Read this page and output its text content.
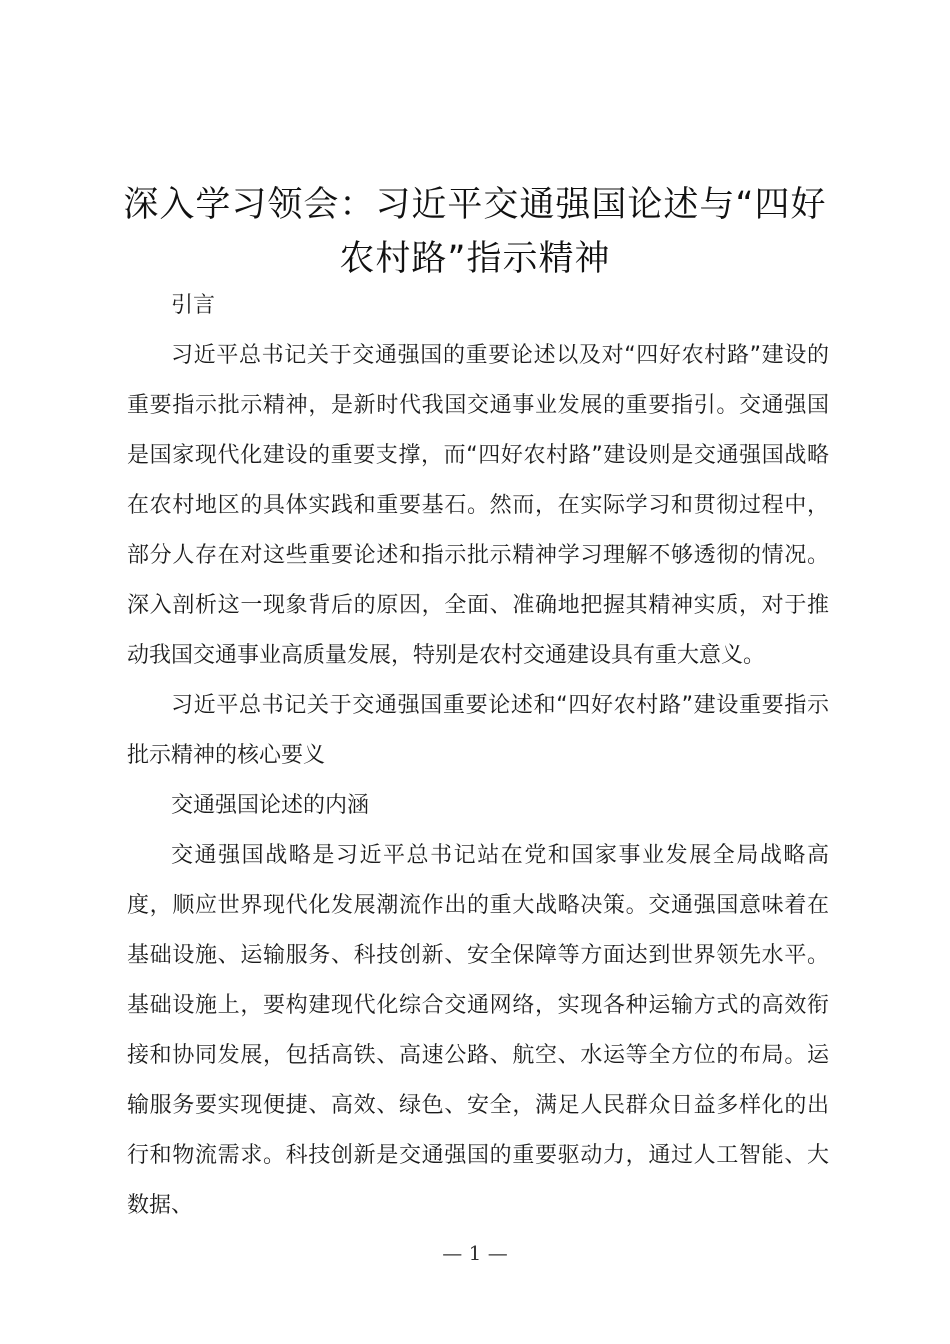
深入学习领会：习近平交通强国论述与“四好
农村路”指示精神

引言

习近平总书记关于交通强国的重要论述以及对“四好农村路”建设的重要指示批示精神，是新时代我国交通事业发展的重要指引。交通强国是国家现代化建设的重要支撑，而“四好农村路”建设则是交通强国战略在农村地区的具体实践和重要基石。然而，在实际学习和贯彻过程中，部分人存在对这些重要论述和指示批示精神学习理解不够透彻的情况。深入剖析这一现象背后的原因，全面、准确地把握其精神实质，对于推动我国交通事业高质量发展，特别是农村交通建设具有重大意义。

习近平总书记关于交通强国重要论述和“四好农村路”建设重要指示批示精神的核心要义

交通强国论述的内涵

交通强国战略是习近平总书记站在党和国家事业发展全局战略高度，顺应世界现代化发展潮流作出的重大战略决策。交通强国意味着在基础设施、运输服务、科技创新、安全保障等方面达到世界领先水平。基础设施上，要构建现代化综合交通网络，实现各种运输方式的高效衔接和协同发展，包括高铁、高速公路、航空、水运等全方位的布局。运输服务要实现便捷、高效、绿色、安全，满足人民群众日益多样化的出行和物流需求。科技创新是交通强国的重要驱动力，通过人工智能、大数据、

— 1 —
